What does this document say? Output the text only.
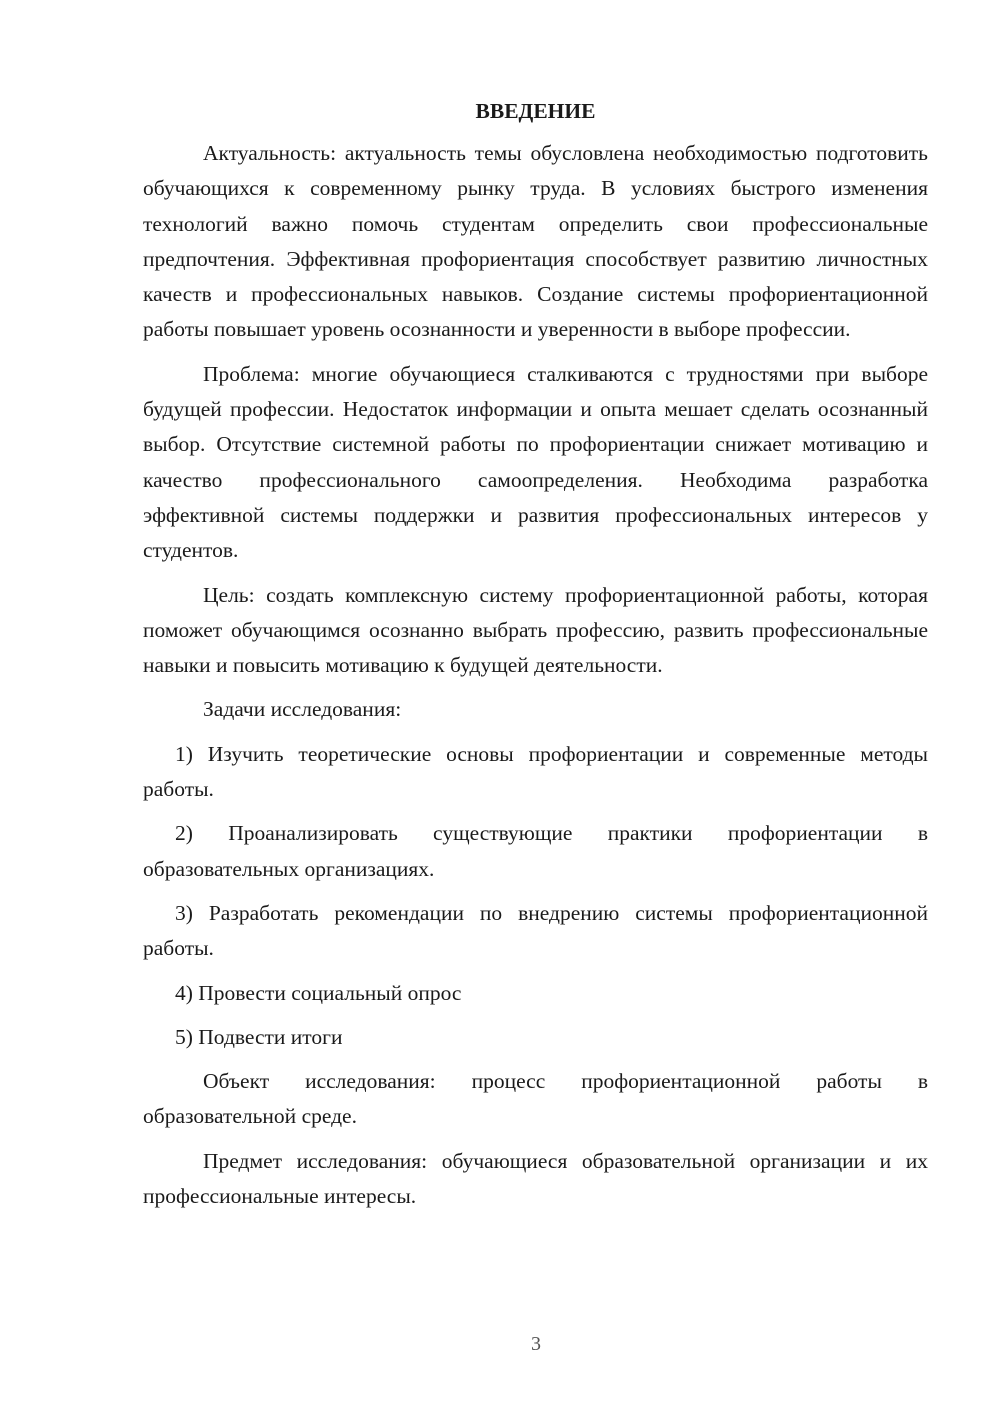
ВВЕДЕНИЕ

Актуальность: актуальность темы обусловлена необходимостью подготовить обучающихся к современному рынку труда. В условиях быстрого изменения технологий важно помочь студентам определить свои профессиональные предпочтения. Эффективная профориентация способствует развитию личностных качеств и профессиональных навыков. Создание системы профориентационной работы повышает уровень осознанности и уверенности в выборе профессии.

Проблема: многие обучающиеся сталкиваются с трудностями при выборе будущей профессии. Недостаток информации и опыта мешает сделать осознанный выбор. Отсутствие системной работы по профориентации снижает мотивацию и качество профессионального самоопределения. Необходима разработка эффективной системы поддержки и развития профессиональных интересов у студентов.

Цель: создать комплексную систему профориентационной работы, которая поможет обучающимся осознанно выбрать профессию, развить профессиональные навыки и повысить мотивацию к будущей деятельности.

Задачи исследования:

1) Изучить теоретические основы профориентации и современные методы работы.

2) Проанализировать существующие практики профориентации в образовательных организациях.

3) Разработать рекомендации по внедрению системы профориентационной работы.

4) Провести социальный опрос

5) Подвести итоги

Объект исследования: процесс профориентационной работы в образовательной среде.

Предмет исследования: обучающиеся образовательной организации и их профессиональные интересы.

3
